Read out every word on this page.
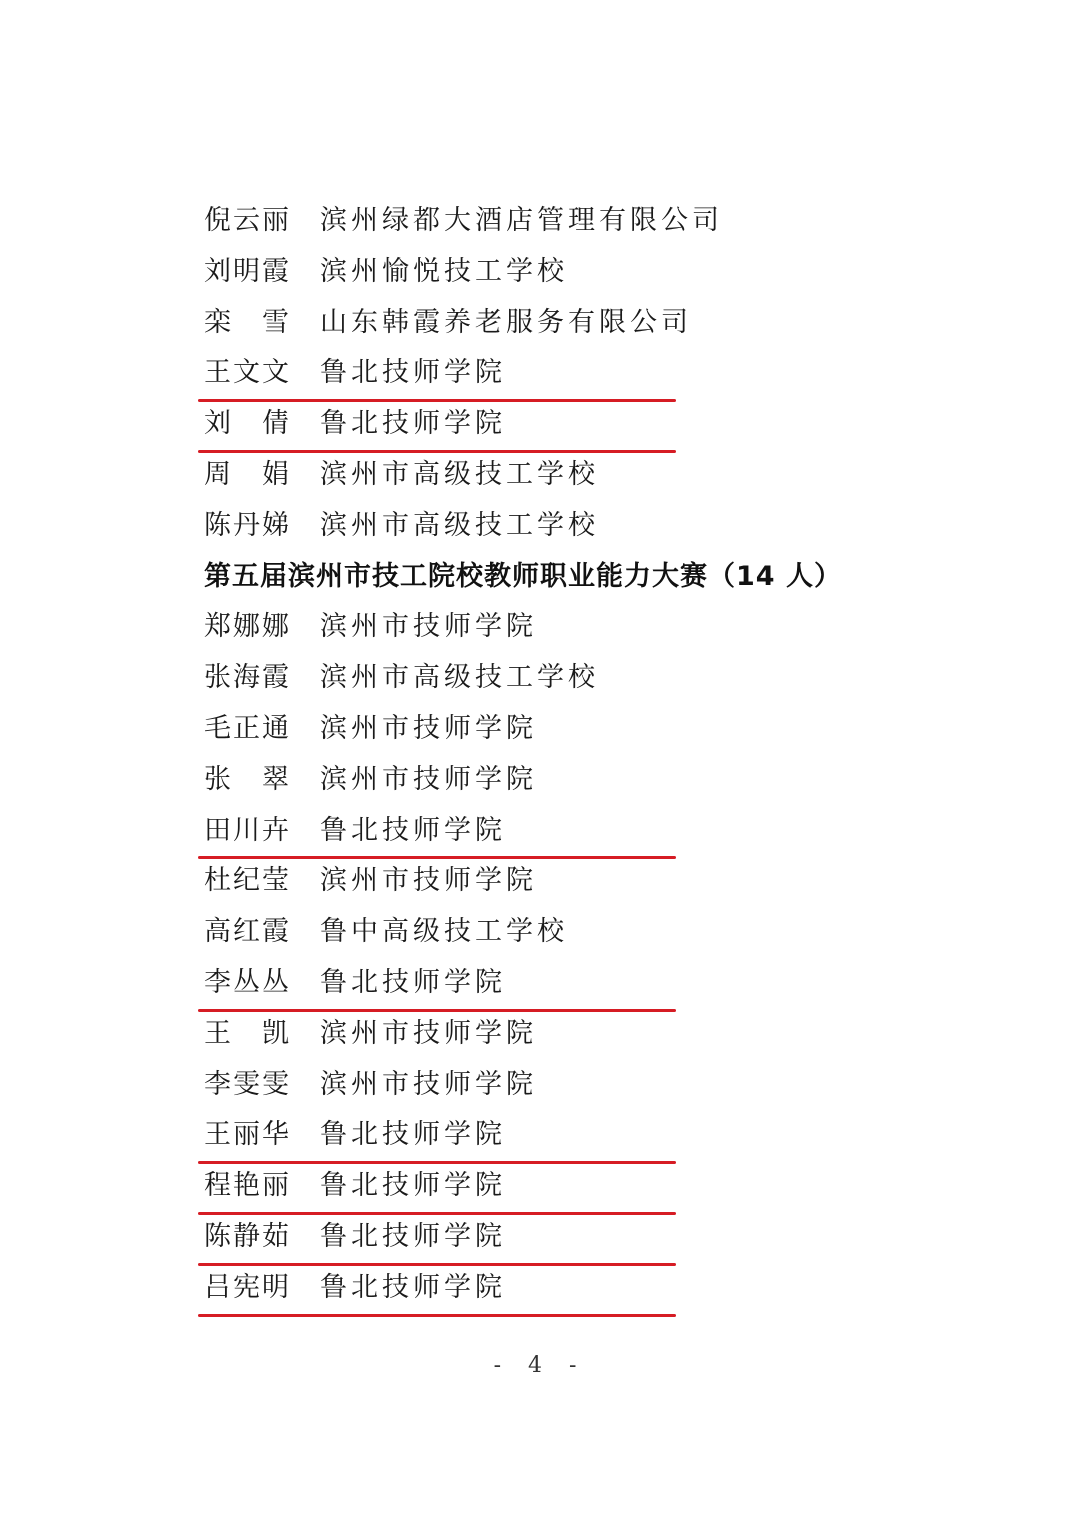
倪云丽 滨州绿都大酒店管理有限公司
刘明霞 滨州愉悦技工学校
栾　雪 山东韩霞养老服务有限公司
王文文 鲁北技师学院
刘　倩 鲁北技师学院
周　娟 滨州市高级技工学校
陈丹娣 滨州市高级技工学校
第五届滨州市技工院校教师职业能力大赛（14 人）
郑娜娜 滨州市技师学院
张海霞 滨州市高级技工学校
毛正通 滨州市技师学院
张　翠 滨州市技师学院
田川卉 鲁北技师学院
杜纪莹 滨州市技师学院
高红霞 鲁中高级技工学校
李丛丛 鲁北技师学院
王　凯 滨州市技师学院
李雯雯 滨州市技师学院
王丽华 鲁北技师学院
程艳丽 鲁北技师学院
陈静茹 鲁北技师学院
吕宪明 鲁北技师学院
- 4 -
